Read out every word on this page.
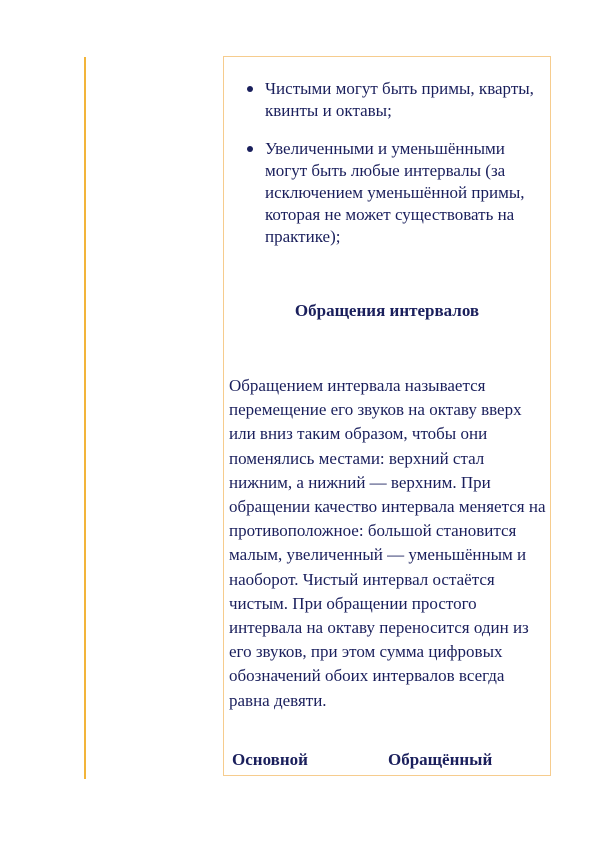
Чистыми могут быть примы, кварты, квинты и октавы;
Увеличенными и уменьшёнными могут быть любые интервалы (за исключением уменьшённой примы, которая не может существовать на практике);
Обращения интервалов

Обращением интервала называется перемещение его звуков на октаву вверх или вниз таким образом, чтобы они поменялись местами: верхний стал нижним, а нижний — верхним. При обращении качество интервала меняется на противоположное: большой становится малым, увеличенный — уменьшённым и наоборот. Чистый интервал остаётся чистым. При обращении простого интервала на октаву переносится один из его звуков, при этом сумма цифровых обозначений обоих интервалов всегда равна девяти.

Основной	Обращённый
